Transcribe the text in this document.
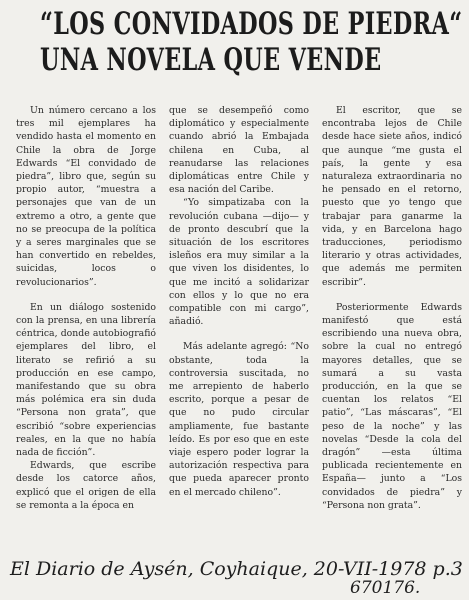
“LOS CONVIDADOS DE PIEDRA“
UNA NOVELA QUE VENDE

Un número cercano a los tres mil ejemplares ha vendido hasta el momento en Chile la obra de Jorge Edwards “El convidado de piedra”, libro que, según su propio autor, “muestra a personajes que van de un extremo a otro, a gente que no se preocupa de la política y a seres marginales que se han convertido en rebeldes, suicidas, locos o revolucionarios”.

En un diálogo sostenido con la prensa, en una librería céntrica, donde autobiografió ejemplares del libro, el literato se refirió a su producción en ese campo, manifestando que su obra más polémica era sin duda “Persona non grata”, que escribió “sobre experiencias reales, en la que no había nada de ficción”.

Edwards, que escribe desde los catorce años, explicó que el origen de ella se remonta a la época en

que se desempeñó como diplomático y especialmente cuando abrió la Embajada chilena en Cuba, al reanudarse las relaciones diplomáticas entre Chile y esa nación del Caribe.

“Yo simpatizaba con la revolución cubana —dijo— y de pronto descubrí que la situación de los escritores isleños era muy similar a la que viven los disidentes, lo que me incitó a solidarizar con ellos y lo que no era compatible con mi cargo”, añadió.

Más adelante agregó: “No obstante, toda la controversia suscitada, no me arrepiento de haberlo escrito, porque a pesar de que no pudo circular ampliamente, fue bastante leído. Es por eso que en este viaje espero poder lograr la autorización respectiva para que pueda aparecer pronto en el mercado chileno”.

El escritor, que se encontraba lejos de Chile desde hace siete años, indicó que aunque “me gusta el país, la gente y esa naturaleza extraordinaria no he pensado en el retorno, puesto que yo tengo que trabajar para ganarme la vida, y en Barcelona hago traducciones, periodismo literario y otras actividades, que además me permiten escribir”.

Posteriormente Edwards manifestó que está escribiendo una nueva obra, sobre la cual no entregó mayores detalles, que se sumará a su vasta producción, en la que se cuentan los relatos “El patio”, “Las máscaras”, “El peso de la noche” y las novelas “Desde la cola del dragón” —esta última publicada recientemente en España— junto a “Los convidados de piedra” y “Persona non grata”.

El Diario de Aysén, Coyhaique, 20-VII-1978 p.3
670176.
